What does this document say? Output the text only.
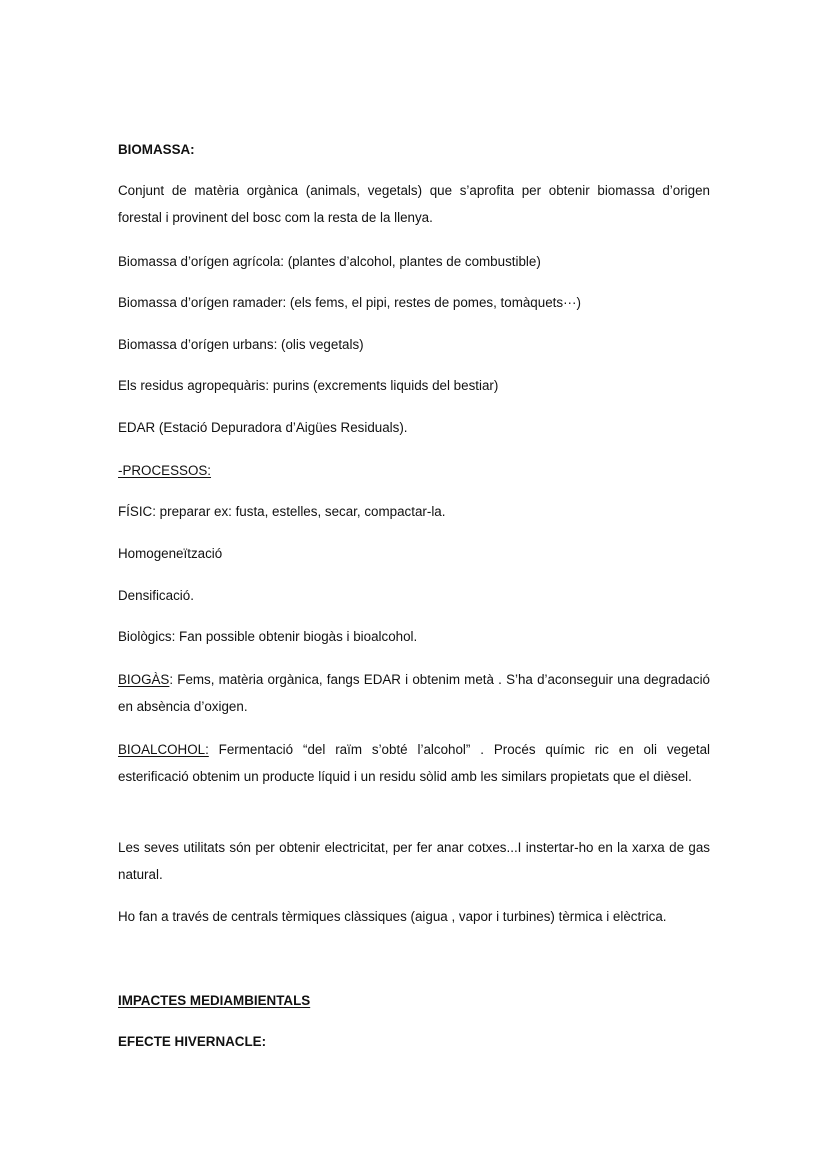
BIOMASSA:

Conjunt de matèria orgànica (animals, vegetals) que s’aprofita per obtenir biomassa d’origen forestal i provinent del bosc com la resta de la llenya.

Biomassa d’orígen agrícola: (plantes d’alcohol, plantes de combustible)

Biomassa d’orígen ramader: (els fems, el pipi, restes de pomes, tomàquets···)

Biomassa d’orígen urbans: (olis vegetals)

Els residus agropequàris: purins (excrements liquids del bestiar)

EDAR (Estació Depuradora d’Aigües Residuals).

-PROCESSOS:

FÍSIC: preparar ex: fusta, estelles, secar, compactar-la.

Homogeneïtzació

Densificació.

Biològics: Fan possible obtenir biogàs i bioalcohol.

BIOGÀS: Fems, matèria orgànica, fangs EDAR i obtenim metà . S’ha d’aconseguir una degradació en absència d’oxigen.

BIOALCOHOL: Fermentació “del raïm s’obté l’alcohol” . Procés químic ric en oli vegetal esterificació obtenim un producte líquid i un residu sòlid amb les similars propietats que el dièsel.

Les seves utilitats són per obtenir electricitat, per fer anar cotxes...I instertar-ho en la xarxa de gas natural.

Ho fan a través de centrals tèrmiques clàssiques (aigua , vapor i turbines) tèrmica i elèctrica.

IMPACTES MEDIAMBIENTALS

EFECTE HIVERNACLE:
